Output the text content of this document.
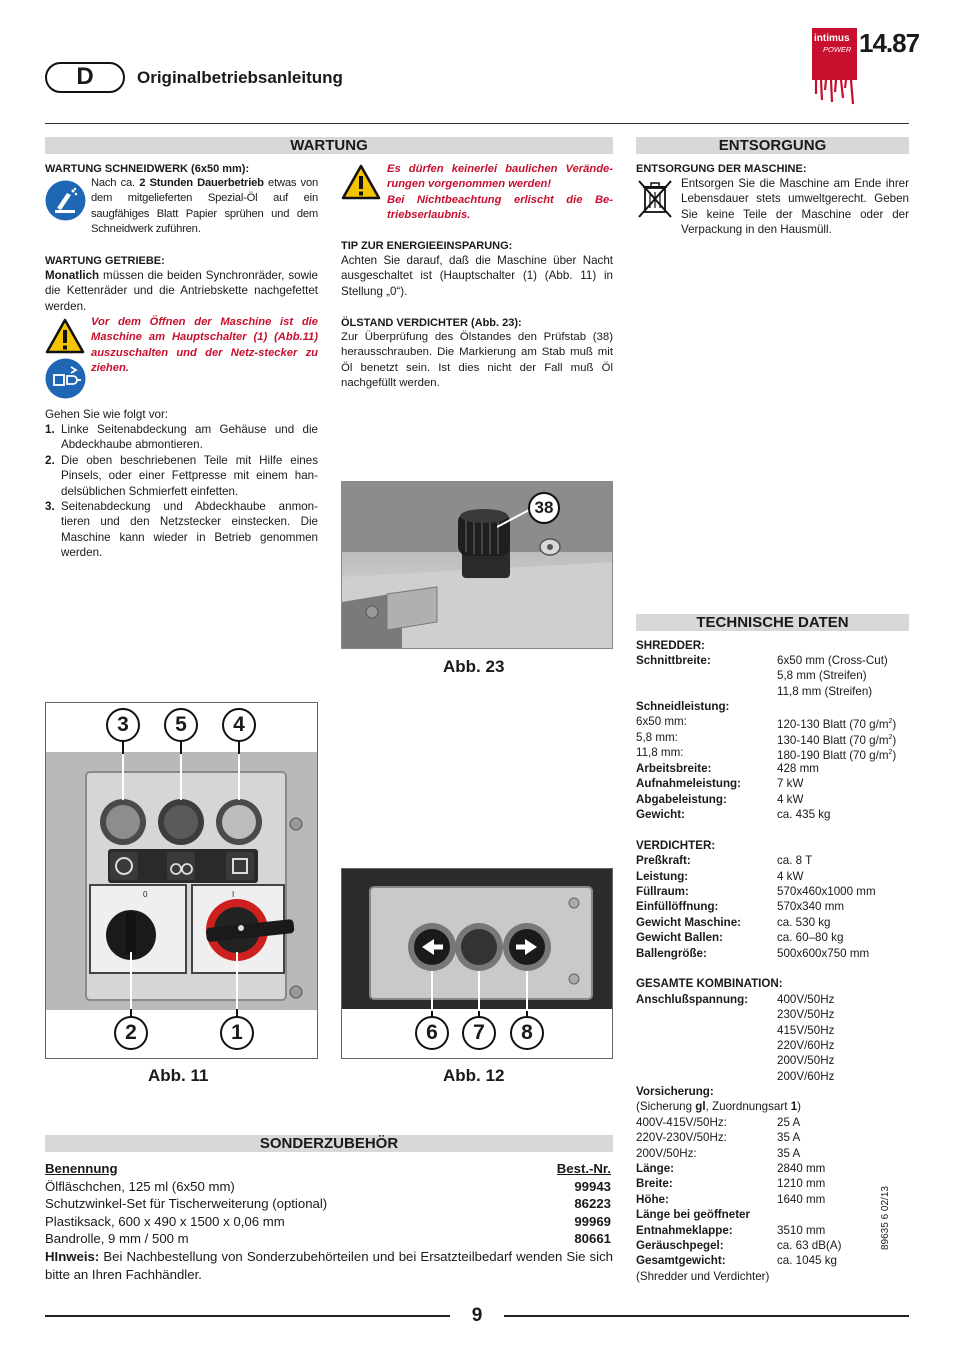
D	Originalbetriebsanleitung
intimus
POWER 14.87
WARTUNG
WARTUNG SCHNEIDWERK (6x50 mm):
Nach ca. 2 Stunden Dauerbetrieb etwas von dem mitgelieferten Spezial-Öl auf ein saugfähiges Blatt Papier sprühen und dem Schneidwerk zuführen.
WARTUNG GETRIEBE:
Monatlich müssen die beiden Synchronräder, sowie die Kettenräder und die Antriebskette nachgefettet werden.
Vor dem Öffnen der Maschine ist die Maschine am Hauptschalter (1) (Abb.11) auszuschalten und der Netz-stecker zu ziehen.
Gehen Sie wie folgt vor:
1. Linke Seitenabdeckung am Gehäuse und die Abdeckhaube abmontieren.
2. Die oben beschriebenen Teile mit Hilfe eines Pinsels, oder einer Fettpresse mit einem han-delsüblichen Schmierfett einfetten.
3. Seitenabdeckung und Abdeckhaube anmon-tieren und den Netzstecker einstecken. Die Maschine kann wieder in Betrieb genommen werden.
Es dürfen keinerlei baulichen Verände-rungen vorgenommen werden!
Bei Nichtbeachtung erlischt die Be-triebserlaubnis.
TIP ZUR ENERGIEEINSPARUNG:
Achten Sie darauf, daß die Maschine über Nacht ausgeschaltet ist (Hauptschalter (1) (Abb. 11) in Stellung „0“).
ÖLSTAND VERDICHTER (Abb. 23):
Zur Überprüfung des Ölstandes den Prüfstab (38) herausschrauben. Die Markierung am Stab muß mit Öl benetzt sein. Ist dies nicht der Fall muß Öl nachgefüllt werden.
ENTSORGUNG
ENTSORGUNG DER MASCHINE:
Entsorgen Sie die Maschine am Ende ihrer Lebensdauer stets umweltgerecht. Geben Sie keine Teile der Maschine oder der Verpackung in den Hausmüll.
38
Abb. 23
0	I
3	5	4
2	1
Abb. 11
6	7	8
Abb. 12
SONDERZUBEHÖR
Benennung	Best.-Nr.
Ölfläschchen, 125 ml (6x50 mm)	99943
Schutzwinkel-Set für Tischerweiterung (optional)	86223
Plastiksack, 600 x 490 x 1500 x 0,06 mm	99969
Bandrolle, 9 mm / 500 m	80661
HInweis: Bei Nachbestellung von Sonderzubehörteilen und bei Ersatzteilbedarf wenden Sie sich bitte an Ihren Fachhändler.
TECHNISCHE DATEN
SHREDDER:
Schnittbreite:	6x50 mm (Cross-Cut)
5,8 mm (Streifen)
11,8 mm (Streifen)
Schneidleistung:
6x50 mm:	120-130 Blatt (70 $g/m^2$)
5,8 mm:	130-140 Blatt (70 $g/m^2$)
11,8 mm:	180-190 Blatt (70 $g/m^2$)
Arbeitsbreite:	428 mm
Aufnahmeleistung:	7 kW
Abgabeleistung:	4 kW
Gewicht:	ca. 435 kg
VERDICHTER:
Preßkraft:	ca. 8 T
Leistung:	4 kW
Füllraum:	570x460x1000 mm
Einfüllöffnung:	570x340 mm
Gewicht Maschine:	ca. 530 kg
Gewicht Ballen:	ca. 60–80 kg
Ballengröße:	500x600x750 mm
GESAMTE KOMBINATION:
Anschlußspannung: 400V/50Hz
230V/50Hz
415V/50Hz
220V/60Hz
200V/50Hz
200V/60Hz
Vorsicherung:
(Sicherung gl, Zuordnungsart 1)
400V-415V/50Hz:	25 A
220V-230V/50Hz:	35 A
200V/50Hz:	35 A
Länge:	2840 mm
Breite:	1210 mm
Höhe:	1640 mm
Länge bei geöffneter
Entnahmeklappe:	3510 mm
Geräuschpegel:	ca. 63 dB(A)
Gesamtgewicht:	ca. 1045 kg
(Shredder und Verdichter)
89635 6 02/13
9
